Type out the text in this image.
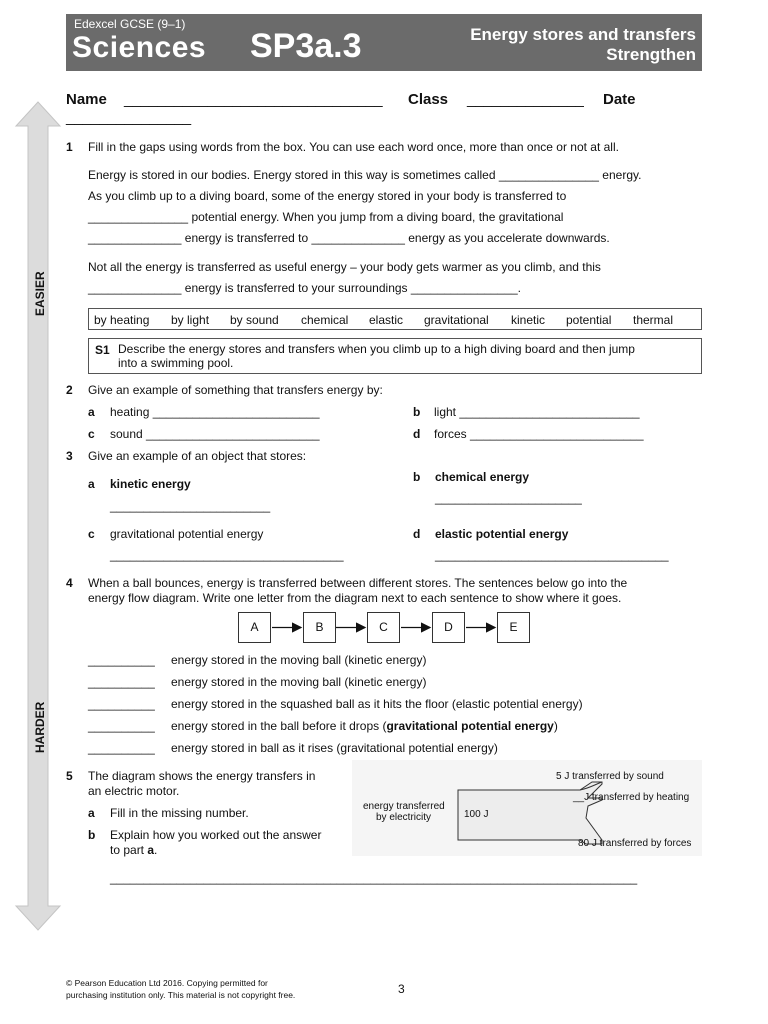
Edexcel GCSE (9–1)
Sciences SP3a.3	Energy stores and transfers
Strengthen
Name _______________________________ Class ______________ Date
_______________
EASIER
HARDER
1 Fill in the gaps using words from the box. You can use each word once, more than once or not at all.
Energy is stored in our bodies. Energy stored in this way is sometimes called _______________ energy.
As you climb up to a diving board, some of the energy stored in your body is transferred to
_______________ potential energy. When you jump from a diving board, the gravitational
______________ energy is transferred to ______________ energy as you accelerate downwards.
Not all the energy is transferred as useful energy – your body gets warmer as you climb, and this
______________ energy is transferred to your surroundings ________________.
by heating by light by sound chemical elastic gravitational kinetic potential thermal
S1 Describe the energy stores and transfers when you climb up to a high diving board and then jump
into a swimming pool.
2 Give an example of something that transfers energy by:
a heating _________________________	b light ___________________________
c sound __________________________	d forces __________________________
3 Give an example of an object that stores:
a kinetic energy
________________________
b chemical energy
______________________
c gravitational potential energy
___________________________________
d elastic potential energy
___________________________________
4 When a ball bounces, energy is transferred between different stores. The sentences below go into the
energy flow diagram. Write one letter from the diagram next to each sentence to show where it goes.
A	B	C	D	E
__________ energy stored in the moving ball (kinetic energy)
__________ energy stored in the moving ball (kinetic energy)
__________ energy stored in the squashed ball as it hits the floor (elastic potential energy)
__________ energy stored in the ball before it drops (gravitational potential energy)
__________ energy stored in ball as it rises (gravitational potential energy)
5 The diagram shows the energy transfers in
an electric motor.
a Fill in the missing number.
b Explain how you worked out the answer
to part a.
_______________________________________________________________________________
energy transferred
by electricity	100 J
5 J transferred by sound
__J transferred by heating
80 J transferred by forces
© Pearson Education Ltd 2016. Copying permitted for
purchasing institution only. This material is not copyright free.	3
